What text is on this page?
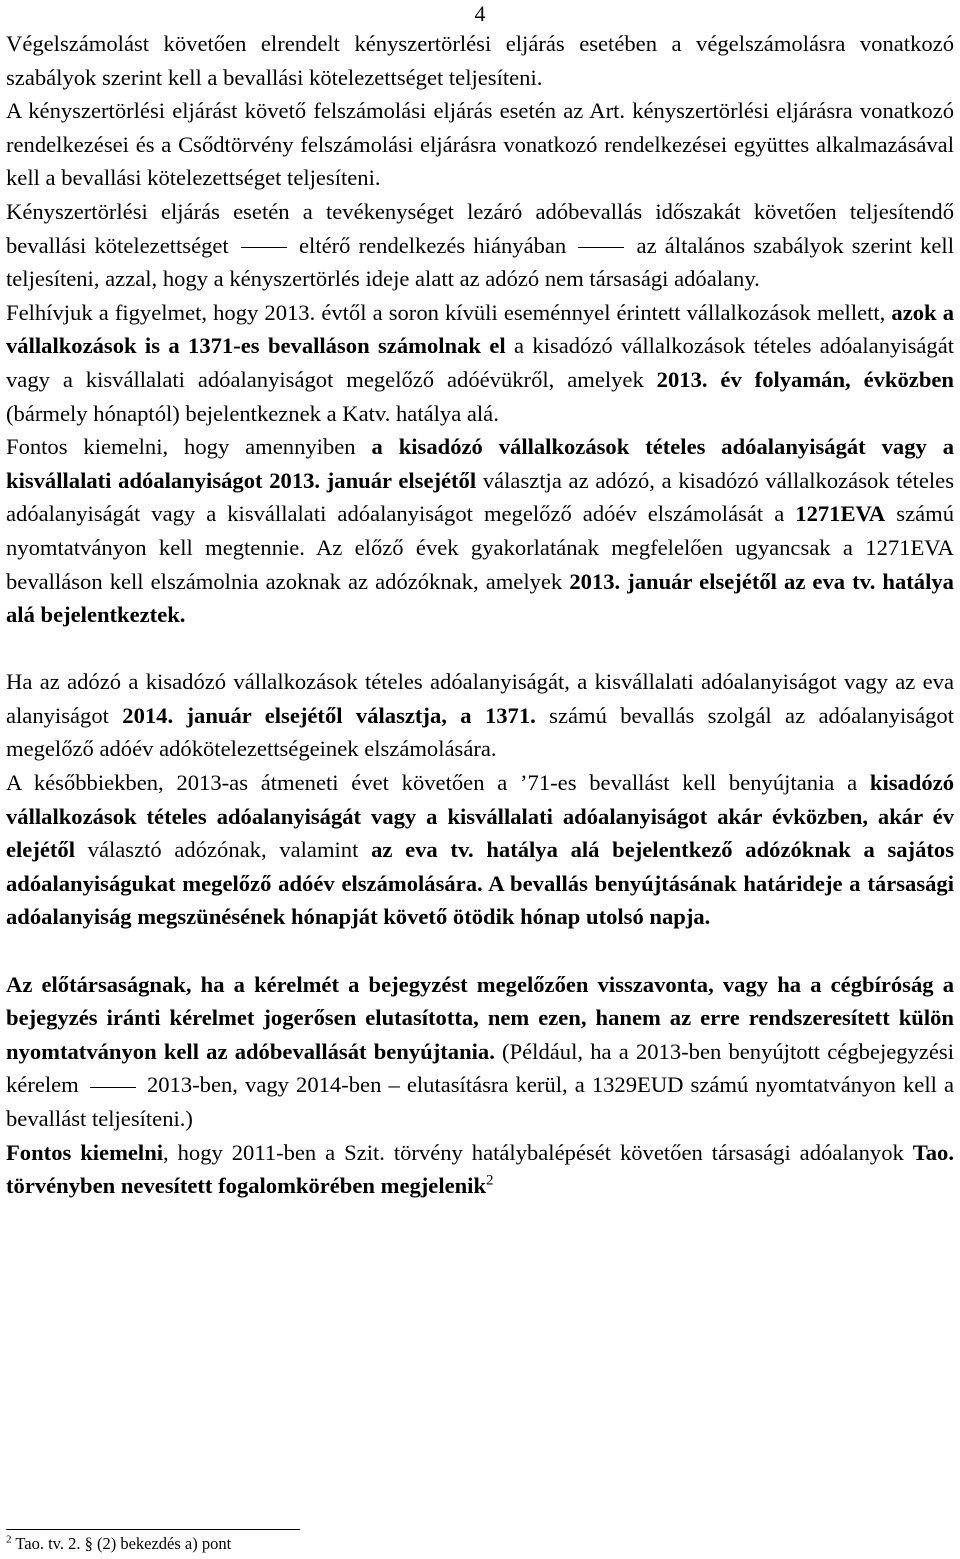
4

Végelszámolást követően elrendelt kényszertörlési eljárás esetében a végelszámolásra vonatkozó szabályok szerint kell a bevallási kötelezettséget teljesíteni.

A kényszertörlési eljárást követő felszámolási eljárás esetén az Art. kényszertörlési eljárásra vonatkozó rendelkezései és a Csődtörvény felszámolási eljárásra vonatkozó rendelkezései együttes alkalmazásával kell a bevallási kötelezettséget teljesíteni.

Kényszertörlési eljárás esetén a tevékenységet lezáró adóbevallás időszakát követően teljesítendő bevallási kötelezettséget	eltérő rendelkezés hiányában	az általános szabályok szerint kell teljesíteni, azzal, hogy a kényszertörlés ideje alatt az adózó nem társasági adóalany.

Felhívjuk a figyelmet, hogy 2013. évtől a soron kívüli eseménnyel érintett vállalkozások mellett, azok a vállalkozások is a 1371-es bevalláson számolnak el a kisadózó vállalkozások tételes adóalanyiságát vagy a kisvállalati adóalanyiságot megelőző adóévükről, amelyek 2013. év folyamán, évközben (bármely hónaptól) bejelentkeznek a Katv. hatálya alá.

Fontos kiemelni, hogy amennyiben a kisadózó vállalkozások tételes adóalanyiságát vagy a kisvállalati adóalanyiságot 2013. január elsejétől választja az adózó, a kisadózó vállalkozások tételes adóalanyiságát vagy a kisvállalati adóalanyiságot megelőző adóév elszámolását a 1271EVA számú nyomtatványon kell megtennie. Az előző évek gyakorlatának megfelelően ugyancsak a 1271EVA bevalláson kell elszámolnia azoknak az adózóknak, amelyek 2013. január elsejétől az eva tv. hatálya alá bejelentkeztek.

Ha az adózó a kisadózó vállalkozások tételes adóalanyiságát, a kisvállalati adóalanyiságot vagy az eva alanyiságot 2014. január elsejétől választja, a 1371. számú bevallás szolgál az adóalanyiságot megelőző adóév adókötelezettségeinek elszámolására.

A későbbiekben, 2013-as átmeneti évet követően a ’71-es bevallást kell benyújtania a kisadózó vállalkozások tételes adóalanyiságát vagy a kisvállalati adóalanyiságot akár évközben, akár év elejétől választó adózónak, valamint az eva tv. hatálya alá bejelentkező adózóknak a sajátos adóalanyiságukat megelőző adóév elszámolására. A bevallás benyújtásának határideje a társasági adóalanyiság megszünésének hónapját követő ötödik hónap utolsó napja.

Az előtársaságnak, ha a kérelmét a bejegyzést megelőzően visszavonta, vagy ha a cégbíróság a bejegyzés iránti kérelmet jogerősen elutasította, nem ezen, hanem az erre rendszeresített külön nyomtatványon kell az adóbevallását benyújtania. (Például, ha a 2013-ben benyújtott cégbejegyzési kérelem  2013-ben, vagy 2014-ben – elutasításra kerül, a 1329EUD számú nyomtatványon kell a bevallást teljesíteni.)

Fontos kiemelni, hogy 2011-ben a Szit. törvény hatálybalépését követően társasági adóalanyok Tao. törvényben nevesített fogalomkörében megjelenik$^2$

$^2$ Tao. tv. 2. § (2) bekezdés a) pont
